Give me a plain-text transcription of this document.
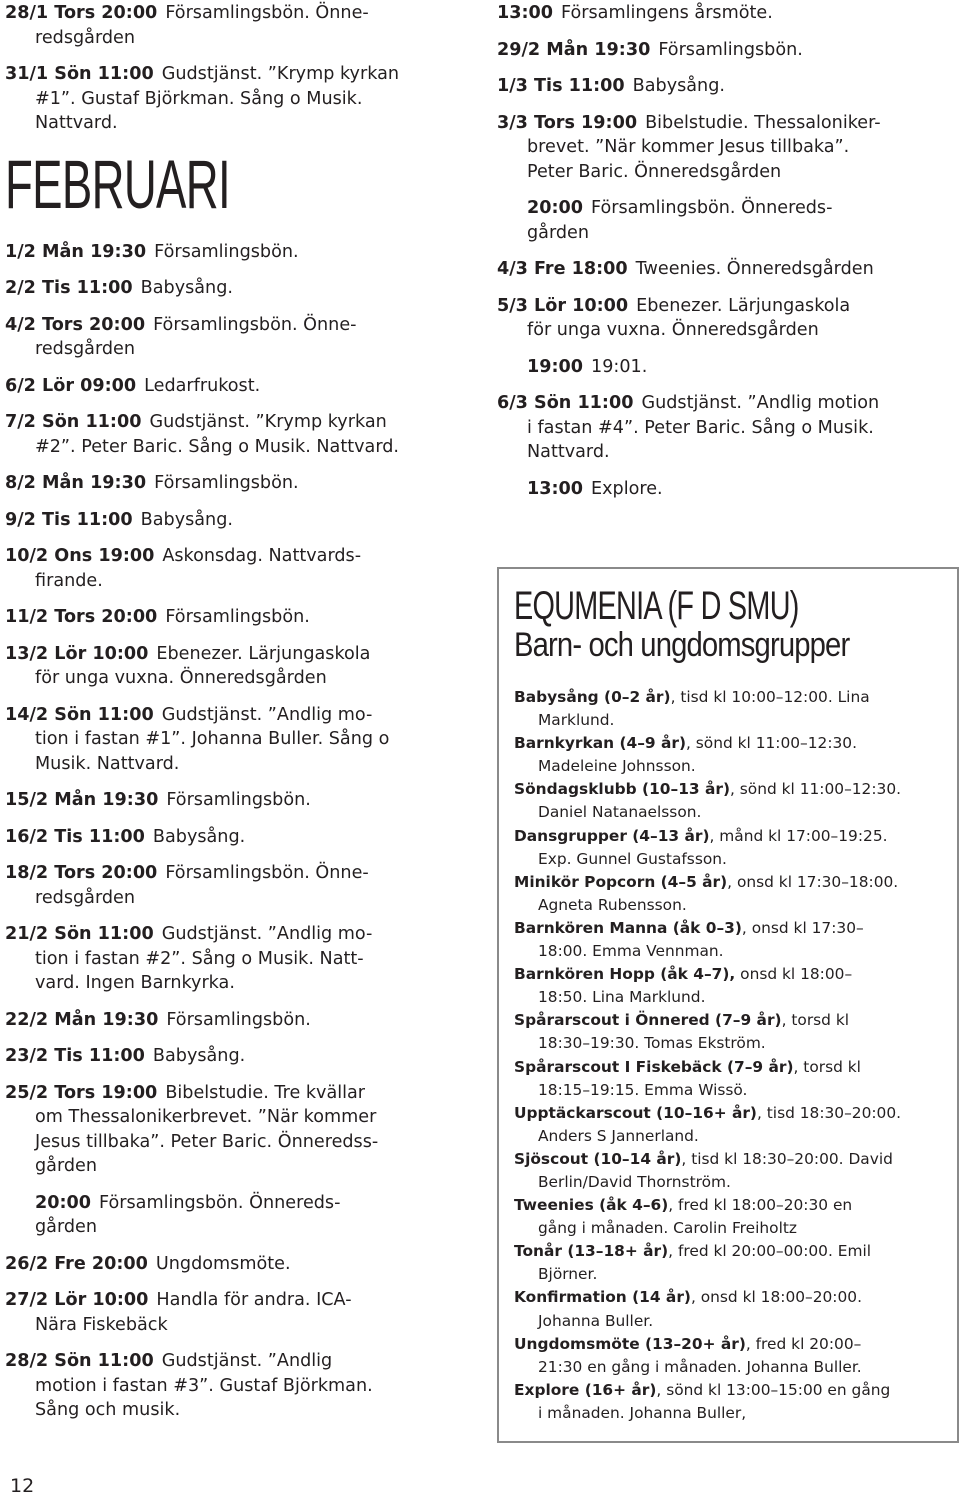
28/1 Tors 20:00 Församlingsbön. Önne-
redsgården
31/1 Sön 11:00 Gudstjänst. ”Krymp kyrkan
#1”. Gustaf Björkman. Sång o Musik.
Nattvard.
FEBRUARI
1/2 Mån 19:30 Församlingsbön.
2/2 Tis 11:00 Babysång.
4/2 Tors 20:00 Församlingsbön. Önne-
redsgården
6/2 Lör 09:00 Ledarfrukost.
7/2 Sön 11:00 Gudstjänst. ”Krymp kyrkan
#2”. Peter Baric. Sång o Musik. Nattvard.
8/2 Mån 19:30 Församlingsbön.
9/2 Tis 11:00 Babysång.
10/2 Ons 19:00 Askonsdag. Nattvards-
firande.
11/2 Tors 20:00 Församlingsbön.
13/2 Lör 10:00 Ebenezer. Lärjungaskola
för unga vuxna. Önneredsgården
14/2 Sön 11:00 Gudstjänst. ”Andlig mo-
tion i fastan #1”. Johanna Buller. Sång o
Musik. Nattvard.
15/2 Mån 19:30 Församlingsbön.
16/2 Tis 11:00 Babysång.
18/2 Tors 20:00 Församlingsbön. Önne-
redsgården
21/2 Sön 11:00 Gudstjänst. ”Andlig mo-
tion i fastan #2”. Sång o Musik. Natt-
vard. Ingen Barnkyrka.
22/2 Mån 19:30 Församlingsbön.
23/2 Tis 11:00 Babysång.
25/2 Tors 19:00 Bibelstudie. Tre kvällar
om Thessalonikerbrevet. ”När kommer
Jesus tillbaka”. Peter Baric. Önneredss-
gården
20:00 Församlingsbön. Önnereds-
gården
26/2 Fre 20:00 Ungdomsmöte.
27/2 Lör 10:00 Handla för andra. ICA-
Nära Fiskebäck
28/2 Sön 11:00 Gudstjänst. ”Andlig
motion i fastan #3”. Gustaf Björkman.
Sång och musik.
13:00 Församlingens årsmöte.
29/2 Mån 19:30 Församlingsbön.
1/3 Tis 11:00 Babysång.
3/3 Tors 19:00 Bibelstudie. Thessaloniker-
brevet. ”När kommer Jesus tillbaka”.
Peter Baric. Önneredsgården
20:00 Församlingsbön. Önnereds-
gården
4/3 Fre 18:00 Tweenies. Önneredsgården
5/3 Lör 10:00 Ebenezer. Lärjungaskola
för unga vuxna. Önneredsgården
19:00 19:01.
6/3 Sön 11:00 Gudstjänst. ”Andlig motion
i fastan #4”. Peter Baric. Sång o Musik.
Nattvard.
13:00 Explore.
EQUMENIA (F D SMU)
Barn- och ungdomsgrupper
Babysång (0–2 år), tisd kl 10:00–12:00. Lina
Marklund.
Barnkyrkan (4–9 år), sönd kl 11:00–12:30.
Madeleine Johnsson.
Söndagsklubb (10–13 år), sönd kl 11:00–12:30.
Daniel Natanaelsson.
Dansgrupper (4–13 år), månd kl 17:00–19:25.
Exp. Gunnel Gustafsson.
Minikör Popcorn (4–5 år), onsd kl 17:30–18:00.
Agneta Rubensson.
Barnkören Manna (åk 0–3), onsd kl 17:30–
18:00. Emma Vennman.
Barnkören Hopp (åk 4–7), onsd kl 18:00–
18:50. Lina Marklund.
Spårarscout i Önnered (7–9 år), torsd kl
18:30–19:30. Tomas Ekström.
Spårarscout I Fiskebäck (7–9 år), torsd kl
18:15–19:15. Emma Wissö.
Upptäckarscout (10–16+ år), tisd 18:30–20:00.
Anders S Jannerland.
Sjöscout (10–14 år), tisd kl 18:30–20:00. David
Berlin/David Thornström.
Tweenies (åk 4–6), fred kl 18:00–20:30 en
gång i månaden. Carolin Freiholtz
Tonår (13–18+ år), fred kl 20:00–00:00. Emil
Björner.
Konfirmation (14 år), onsd kl 18:00–20:00.
Johanna Buller.
Ungdomsmöte (13–20+ år), fred kl 20:00–
21:30 en gång i månaden. Johanna Buller.
Explore (16+ år), sönd kl 13:00–15:00 en gång
i månaden. Johanna Buller,
12
